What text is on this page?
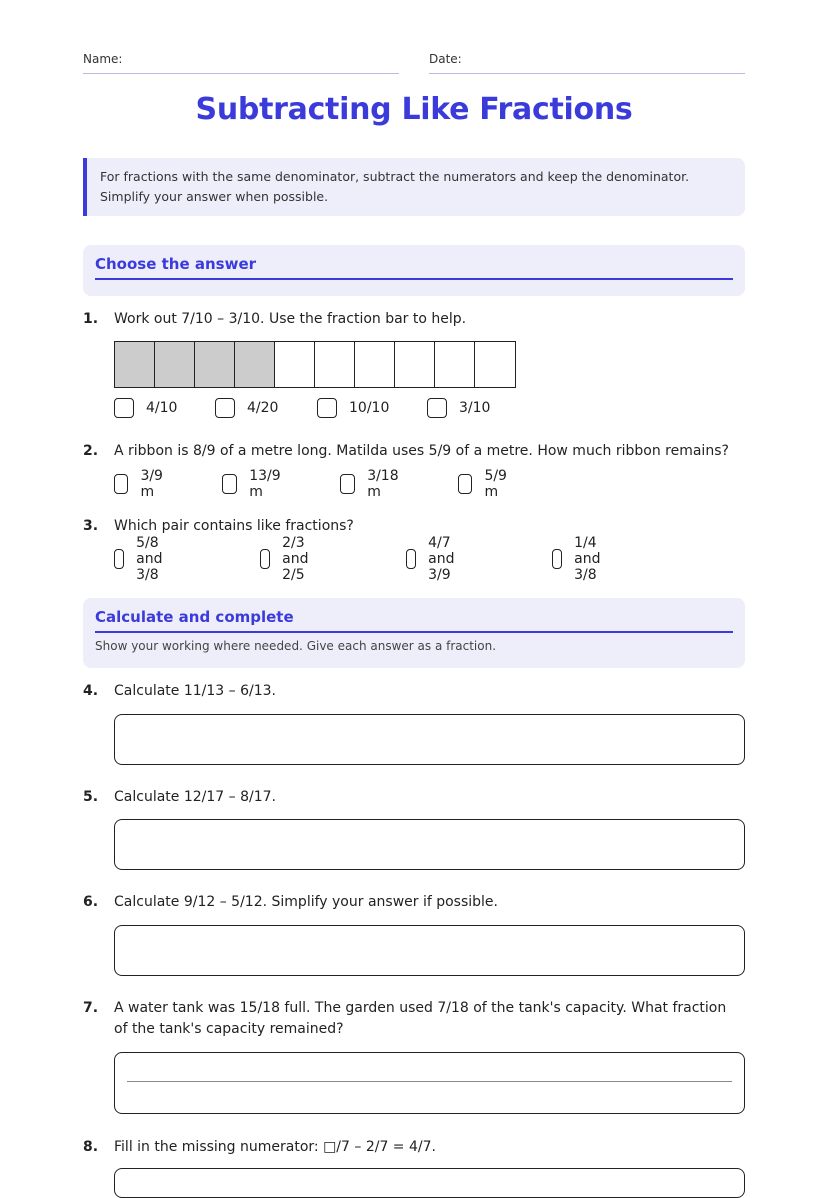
Name:	Date:
Subtracting Like Fractions
For fractions with the same denominator, subtract the numerators and keep the denominator. Simplify your answer when possible.
Choose the answer
1. Work out 7/10 – 3/10. Use the fraction bar to help.
4/10	4/20	10/10	3/10
2. A ribbon is 8/9 of a metre long. Matilda uses 5/9 of a metre. How much ribbon remains?
3/9 m
13/9 m
3/18 m
5/9 m
3. Which pair contains like fractions?
5/8 and 3/8
2/3 and 2/5
4/7 and 3/9
1/4 and 3/8
Calculate and complete
Show your working where needed. Give each answer as a fraction.
4. Calculate 11/13 – 6/13.
5. Calculate 12/17 – 8/17.
6. Calculate 9/12 – 5/12. Simplify your answer if possible.
7. A water tank was 15/18 full. The garden used 7/18 of the tank's capacity. What fraction of the tank's capacity remained?
8. Fill in the missing numerator: □/7 – 2/7 = 4/7.
